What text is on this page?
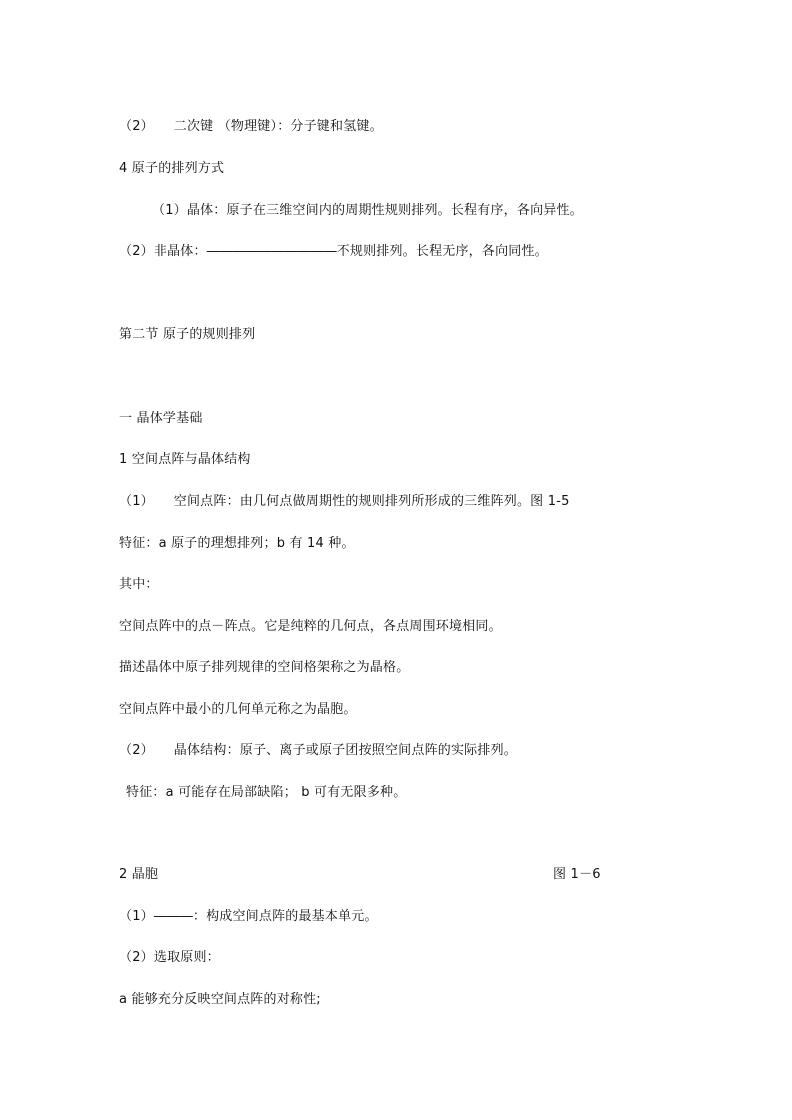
（2）　　二次键 （物理键）：分子键和氢键。
4 原子的排列方式
（1）晶体：原子在三维空间内的周期性规则排列。长程有序，各向异性。
（2）非晶体：――――――――――不规则排列。长程无序，各向同性。
第二节 原子的规则排列
一 晶体学基础
1 空间点阵与晶体结构
（1）　　空间点阵：由几何点做周期性的规则排列所形成的三维阵列。图 1-5
特征：a 原子的理想排列；b 有 14 种。
其中：
空间点阵中的点－阵点。它是纯粹的几何点，各点周围环境相同。
描述晶体中原子排列规律的空间格架称之为晶格。
空间点阵中最小的几何单元称之为晶胞。
（2）　　晶体结构：原子、离子或原子团按照空间点阵的实际排列。
特征：a 可能存在局部缺陷； b 可有无限多种。
2 晶胞	图 1－6
（1）―――：构成空间点阵的最基本单元。
（2）选取原则：
a 能够充分反映空间点阵的对称性;
